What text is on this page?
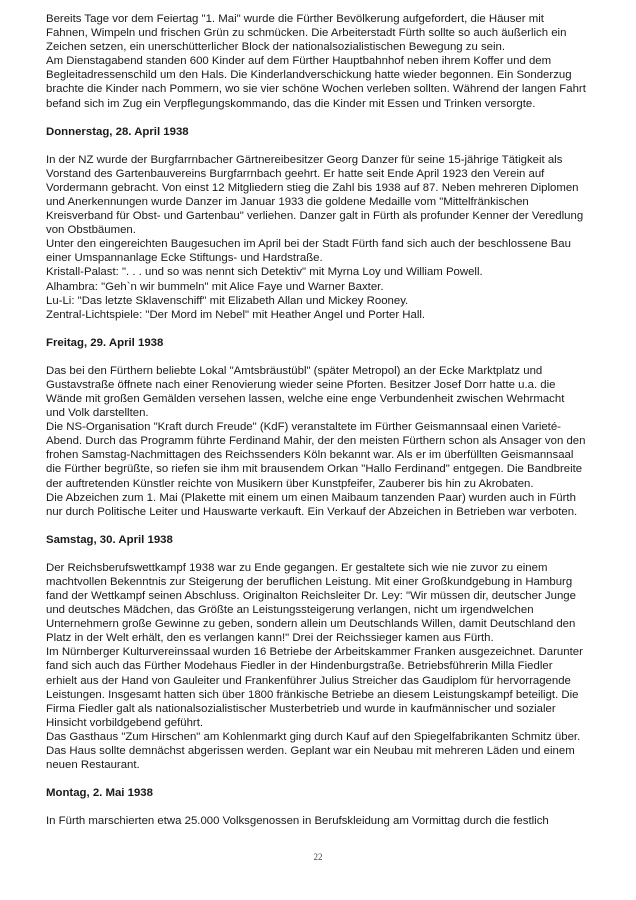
Bereits Tage vor dem Feiertag "1. Mai" wurde die Fürther Bevölkerung aufgefordert, die Häuser mit Fahnen, Wimpeln und frischen Grün zu schmücken. Die Arbeiterstadt Fürth sollte so auch äußerlich ein Zeichen setzen, ein unerschütterlicher Block der nationalsozialistischen Bewegung zu sein.

Am Dienstagabend standen 600 Kinder auf dem Fürther Hauptbahnhof neben ihrem Koffer und dem Begleitadressenschild um den Hals. Die Kinderlandverschickung hatte wieder begonnen. Ein Sonderzug brachte die Kinder nach Pommern, wo sie vier schöne Wochen verleben sollten. Während der langen Fahrt befand sich im Zug ein Verpflegungskommando, das die Kinder mit Essen und Trinken versorgte.

Donnerstag, 28. April 1938

In der NZ wurde der Burgfarrnbacher Gärtnereibesitzer Georg Danzer für seine 15-jährige Tätigkeit als Vorstand des Gartenbauvereins Burgfarrnbach geehrt. Er hatte seit Ende April 1923 den Verein auf Vordermann gebracht. Von einst 12 Mitgliedern stieg die Zahl bis 1938 auf 87. Neben mehreren Diplomen und Anerkennungen wurde Danzer im Januar 1933 die goldene Medaille vom "Mittelfränkischen Kreisverband für Obst- und Gartenbau" verliehen. Danzer galt in Fürth als profunder Kenner der Veredlung von Obstbäumen.

Unter den eingereichten Baugesuchen im April bei der Stadt Fürth fand sich auch der beschlossene Bau einer Umspannanlage Ecke Stiftungs- und Hardstraße.

Kristall-Palast: ". . . und so was nennt sich Detektiv" mit Myrna Loy und William Powell.

Alhambra: "Geh`n wir bummeln" mit Alice Faye und Warner Baxter.

Lu-Li: "Das letzte Sklavenschiff" mit Elizabeth Allan und Mickey Rooney.

Zentral-Lichtspiele: "Der Mord im Nebel" mit Heather Angel und Porter Hall.

Freitag, 29. April 1938

Das bei den Fürthern beliebte Lokal "Amtsbräustübl" (später Metropol) an der Ecke Marktplatz und Gustavstraße öffnete nach einer Renovierung wieder seine Pforten. Besitzer Josef Dorr hatte u.a. die Wände mit großen Gemälden versehen lassen, welche eine enge Verbundenheit zwischen Wehrmacht und Volk darstellten.

Die NS-Organisation "Kraft durch Freude" (KdF) veranstaltete im Fürther Geismannsaal einen Varieté-Abend. Durch das Programm führte Ferdinand Mahir, der den meisten Fürthern schon als Ansager von den frohen Samstag-Nachmittagen des Reichssenders Köln bekannt war. Als er im überfüllten Geismannsaal die Fürther begrüßte, so riefen sie ihm mit brausendem Orkan "Hallo Ferdinand" entgegen. Die Bandbreite der auftretenden Künstler reichte von Musikern über Kunstpfeifer, Zauberer bis hin zu Akrobaten.

Die Abzeichen zum 1. Mai (Plakette mit einem um einen Maibaum tanzenden Paar) wurden auch in Fürth nur durch Politische Leiter und Hauswarte verkauft. Ein Verkauf der Abzeichen in Betrieben war verboten.

Samstag, 30. April 1938

Der Reichsberufswettkampf 1938 war zu Ende gegangen. Er gestaltete sich wie nie zuvor zu einem machtvollen Bekenntnis zur Steigerung der beruflichen Leistung. Mit einer Großkundgebung in Hamburg fand der Wettkampf seinen Abschluss. Originalton Reichsleiter Dr. Ley: "Wir müssen dir, deutscher Junge und deutsches Mädchen, das Größte an Leistungssteigerung verlangen, nicht um irgendwelchen Unternehmern große Gewinne zu geben, sondern allein um Deutschlands Willen, damit Deutschland den Platz in der Welt erhält, den es verlangen kann!" Drei der Reichssieger kamen aus Fürth.

Im Nürnberger Kulturvereinssaal wurden 16 Betriebe der Arbeitskammer Franken ausgezeichnet. Darunter fand sich auch das Fürther Modehaus Fiedler in der Hindenburgstraße. Betriebsführerin Milla Fiedler erhielt aus der Hand von Gauleiter und Frankenführer Julius Streicher das Gaudiplom für hervorragende Leistungen. Insgesamt hatten sich über 1800 fränkische Betriebe an diesem Leistungskampf beteiligt. Die Firma Fiedler galt als nationalsozialistischer Musterbetrieb und wurde in kaufmännischer und sozialer Hinsicht vorbildgebend geführt.

Das Gasthaus "Zum Hirschen" am Kohlenmarkt ging durch Kauf auf den Spiegelfabrikanten Schmitz über. Das Haus sollte demnächst abgerissen werden. Geplant war ein Neubau mit mehreren Läden und einem neuen Restaurant.

Montag, 2. Mai 1938

In Fürth marschierten etwa 25.000 Volksgenossen in Berufskleidung am Vormittag durch die festlich

22
